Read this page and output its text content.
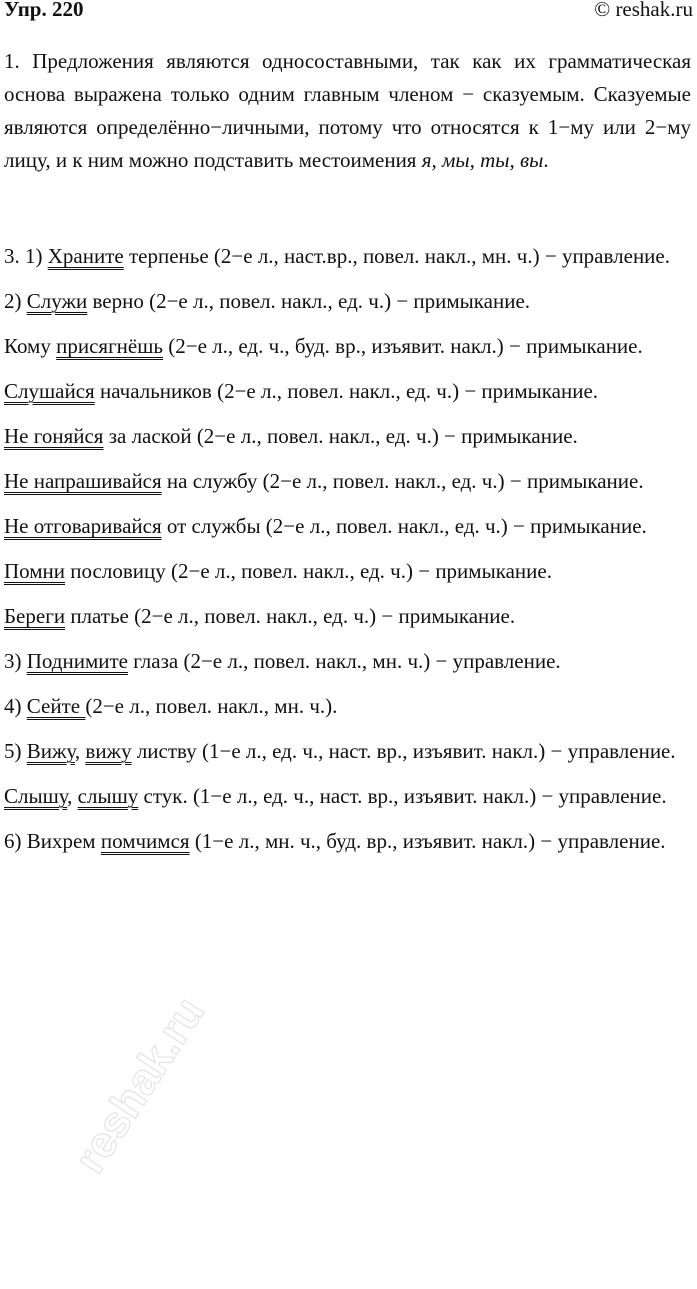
Упр. 220	© reshak.ru

1. Предложения являются односоставными, так как их грамматическая основа выражена только одним главным членом − сказуемым. Сказуемые являются определённо−личными, потому что относятся к 1−му или 2−му лицу, и к ним можно подставить местоимения я, мы, ты, вы.

3. 1) Храните терпенье (2−е л., наст.вр., повел. накл., мн. ч.) − управление.

2) Служи верно (2−е л., повел. накл., ед. ч.) − примыкание.

Кому присягнёшь (2−е л., ед. ч., буд. вр., изъявит. накл.) − примыкание.

Слушайся начальников (2−е л., повел. накл., ед. ч.) − примыкание.

Не гоняйся за лаской (2−е л., повел. накл., ед. ч.) − примыкание.

Не напрашивайся на службу (2−е л., повел. накл., ед. ч.) − примыкание.

Не отговаривайся от службы (2−е л., повел. накл., ед. ч.) − примыкание.

Помни пословицу (2−е л., повел. накл., ед. ч.) − примыкание.

Береги платье (2−е л., повел. накл., ед. ч.) − примыкание.

3) Поднимите глаза (2−е л., повел. накл., мн. ч.) − управление.

4) Сейте (2−е л., повел. накл., мн. ч.).

5) Вижу, вижу листву (1−е л., ед. ч., наст. вр., изъявит. накл.) − управление.

Слышу, слышу стук. (1−е л., ед. ч., наст. вр., изъявит. накл.) − управление.

6) Вихрем помчимся (1−е л., мн. ч., буд. вр., изъявит. накл.) − управление.

reshak.ru
